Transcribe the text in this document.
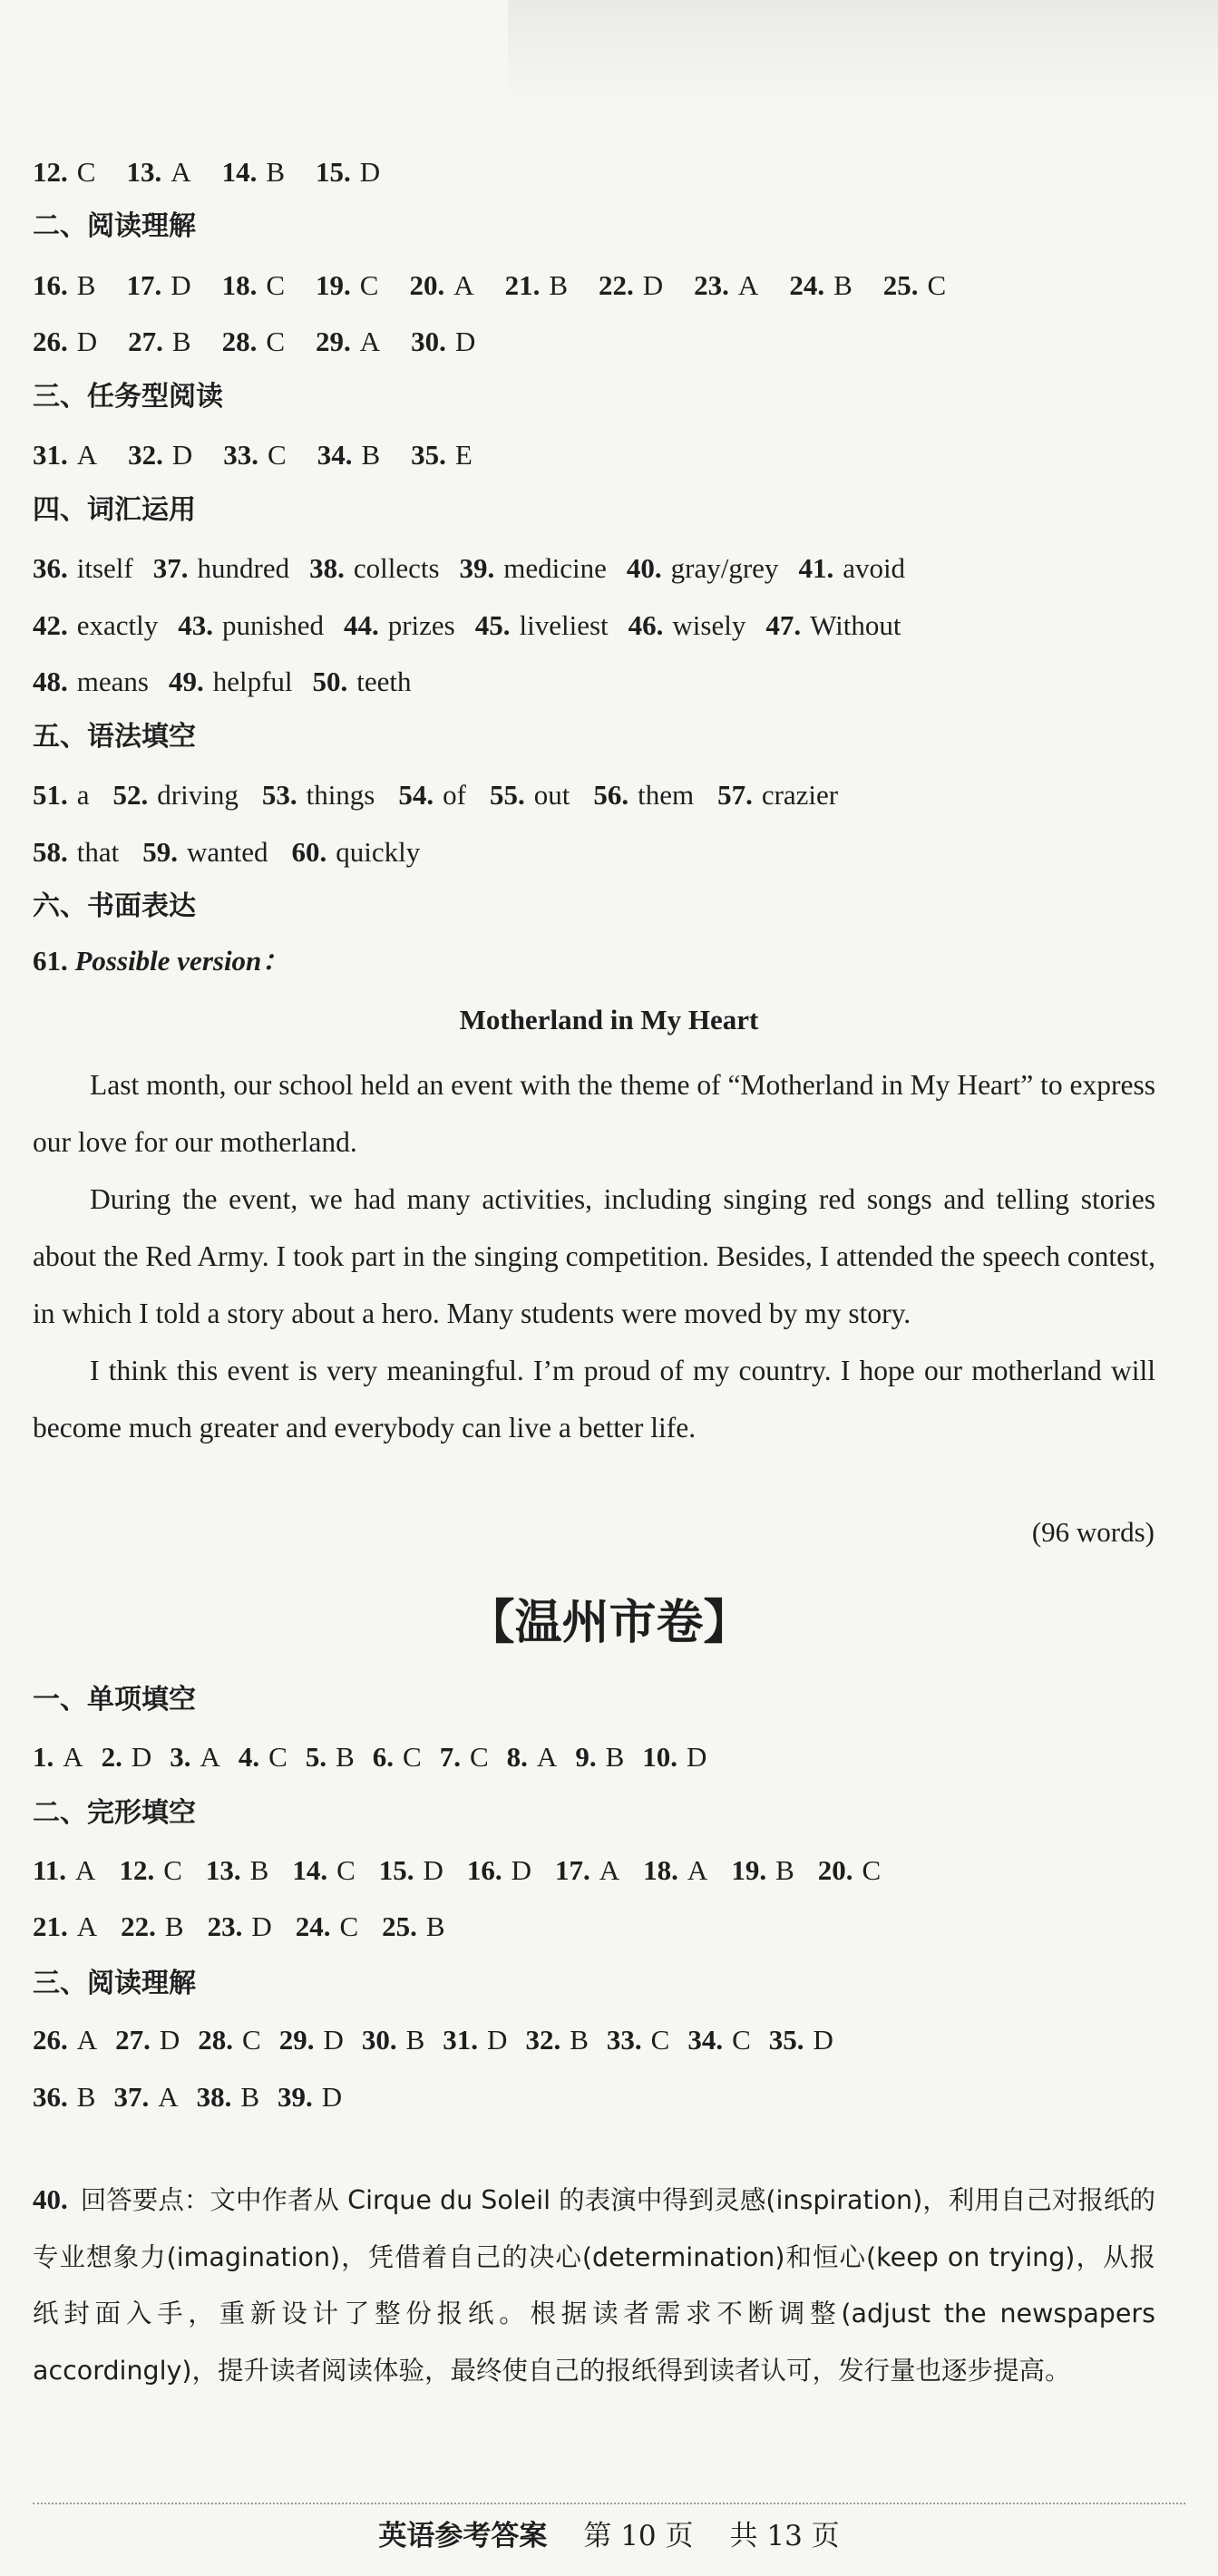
12. C 13. A 14. B 15. D
16. B 17. D 18. C 19. C 20. A 21. B 22. D 23. A 24. B 25. C
26. D 27. B 28. C 29. A 30. D
31. A 32. D 33. C 34. B 35. E
36. itself 37. hundred 38. collects 39. medicine 40. gray/grey 41. avoid
42. exactly 43. punished 44. prizes 45. liveliest 46. wisely 47. Without
48. means 49. helpful 50. teeth
51. a 52. driving 53. things 54. of 55. out 56. them 57. crazier
58. that 59. wanted 60. quickly
1. A 2. D 3. A 4. C 5. B 6. C 7. C 8. A 9. B 10. D
11. A 12. C 13. B 14. C 15. D 16. D 17. A 18. A 19. B 20. C
21. A 22. B 23. D 24. C 25. B
26. A 27. D 28. C 29. D 30. B 31. D 32. B 33. C 34. C 35. D
36. B 37. A 38. B 39. D
二、阅读理解
三、任务型阅读
四、词汇运用
五、语法填空
六、书面表达
61. Possible version：
Motherland in My Heart

Last month, our school held an event with the theme of “Motherland in My Heart” to express our love for our motherland.

During the event, we had many activities, including singing red songs and telling stories about the Red Army. I took part in the singing competition. Besides, I attended the speech contest, in which I told a story about a hero. Many students were moved by my story.

I think this event is very meaningful. I’m proud of my country. I hope our motherland will become much greater and everybody can live a better life.

(96 words)
【温州市卷】
一、单项填空
二、完形填空
三、阅读理解
40. 回答要点：文中作者从 Cirque du Soleil 的表演中得到灵感(inspiration)，利用自己对报纸的专业想象力(imagination)，凭借着自己的决心(determination)和恒心(keep on trying)，从报纸封面入手，重新设计了整份报纸。根据读者需求不断调整(adjust the newspapers accordingly)，提升读者阅读体验，最终使自己的报纸得到读者认可，发行量也逐步提高。
英语参考答案 第 10 页 共 13 页
